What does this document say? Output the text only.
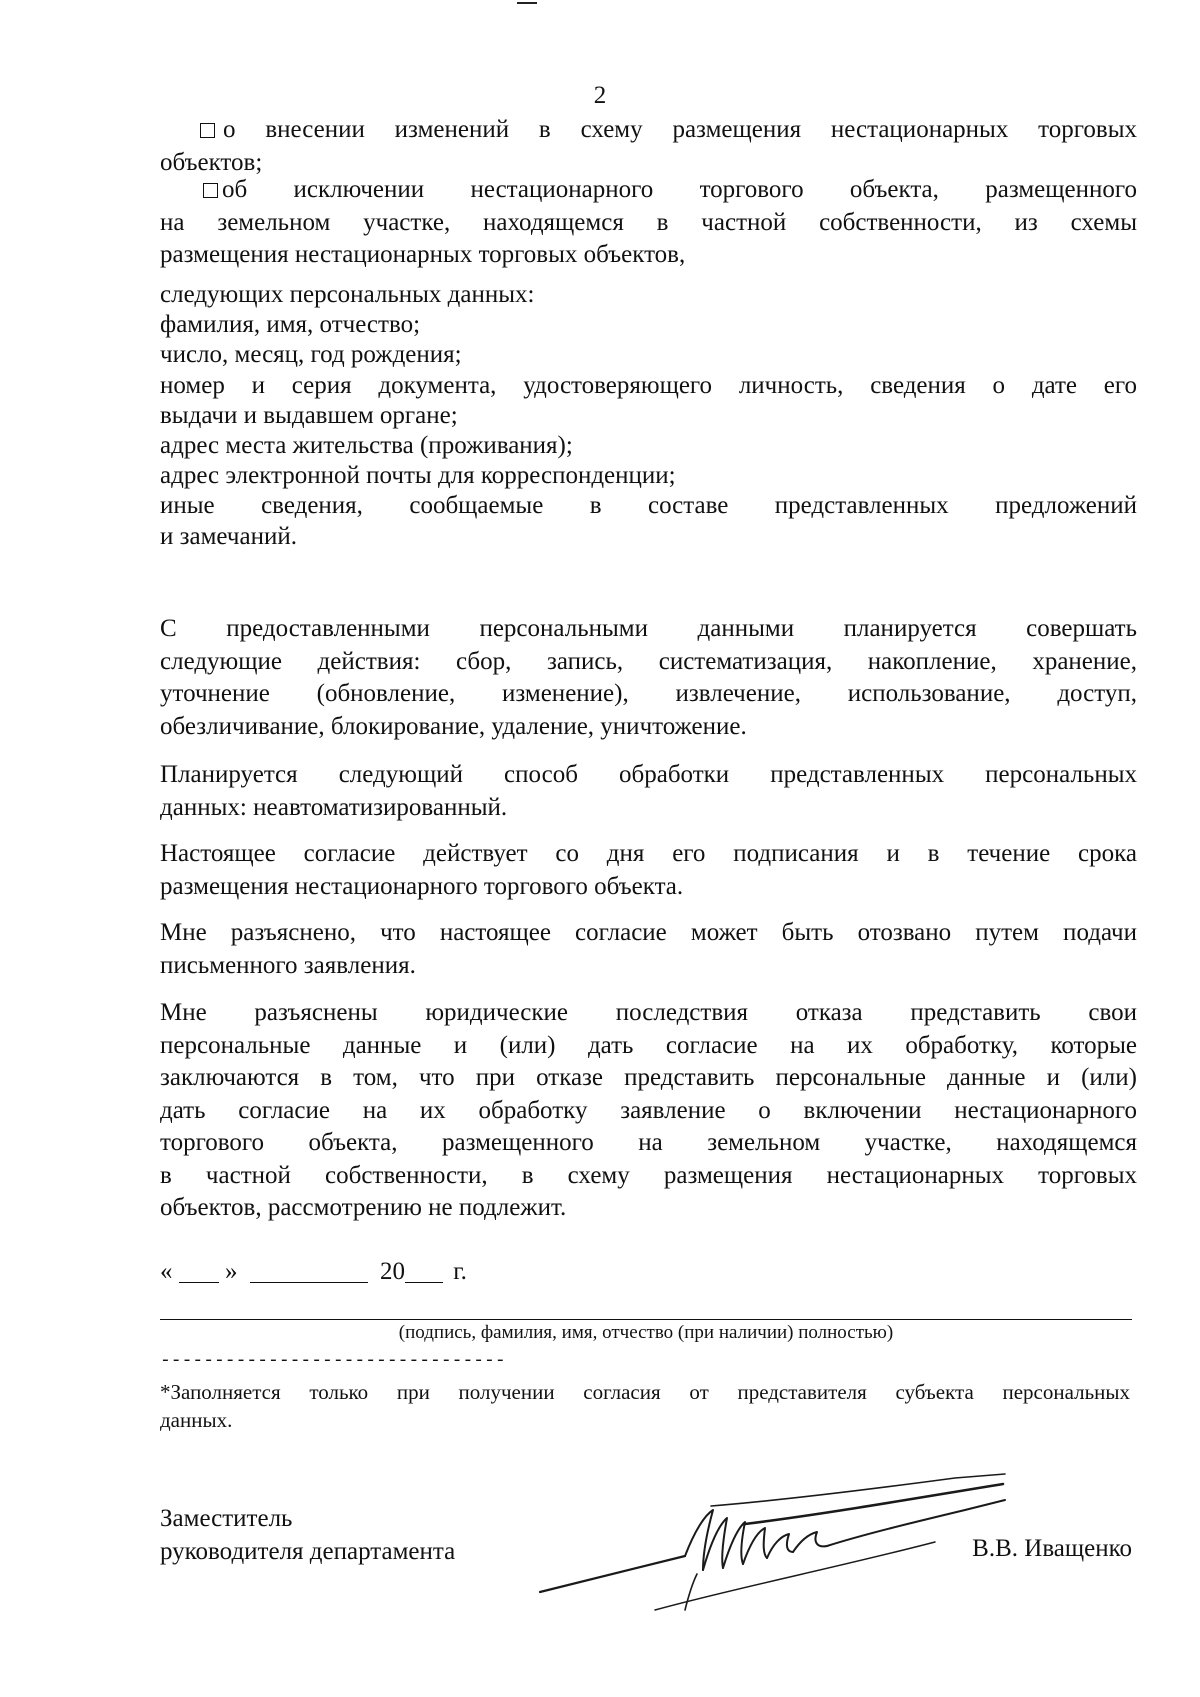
2
о внесении изменений в схему размещения нестационарных торговых
объектов;
об исключении нестационарного торгового объекта, размещенного
на земельном участке, находящемся в частной собственности, из схемы
размещения нестационарных торговых объектов,
следующих персональных данных:
фамилия, имя, отчество;
число, месяц, год рождения;
номер и серия документа, удостоверяющего личность, сведения о дате его
выдачи и выдавшем органе;
адрес места жительства (проживания);
адрес электронной почты для корреспонденции;
иные сведения, сообщаемые в составе представленных предложений
и замечаний.
С предоставленными персональными данными планируется совершать
следующие действия: сбор, запись, систематизация, накопление, хранение,
уточнение (обновление, изменение), извлечение, использование, доступ,
обезличивание, блокирование, удаление, уничтожение.
Планируется следующий способ обработки представленных персональных
данных: неавтоматизированный.
Настоящее согласие действует со дня его подписания и в течение срока
размещения нестационарного торгового объекта.
Мне разъяснено, что настоящее согласие может быть отозвано путем подачи
письменного заявления.
Мне разъяснены юридические последствия отказа представить свои
персональные данные и (или) дать согласие на их обработку, которые
заключаются в том, что при отказе представить персональные данные и (или)
дать согласие на их обработку заявление о включении нестационарного
торгового объекта, размещенного на земельном участке, находящемся
в частной собственности, в схему размещения нестационарных торговых
объектов, рассмотрению не подлежит.
« »	20 г.
(подпись, фамилия, имя, отчество (при наличии) полностью)
--------------------------------
*Заполняется только при получении согласия от представителя субъекта персональных
данных.
Заместитель
руководителя департамента	В.В. Иващенко
